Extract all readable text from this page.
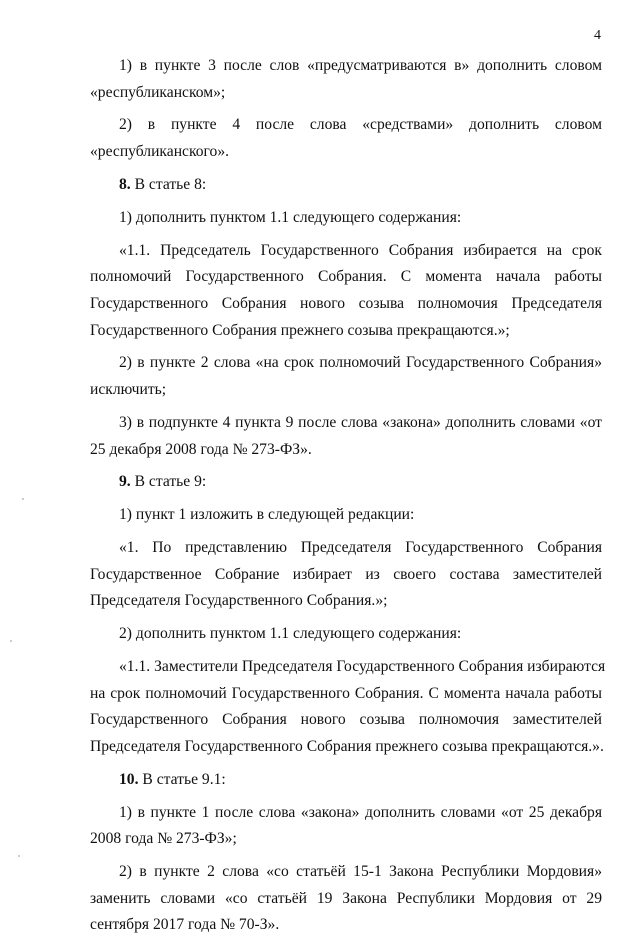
4
1) в пункте 3 после слов «предусматриваются в» дополнить словом
«республиканском»;
2) в пункте 4 после слова «средствами» дополнить словом
«республиканского».
8. В статье 8:
1) дополнить пунктом 1.1 следующего содержания:
«1.1. Председатель Государственного Собрания избирается на срок
полномочий Государственного Собрания. С момента начала работы
Государственного Собрания нового созыва полномочия Председателя
Государственного Собрания прежнего созыва прекращаются.»;
2) в пункте 2 слова «на срок полномочий Государственного Собрания»
исключить;
3) в подпункте 4 пункта 9 после слова «закона» дополнить словами «от
25 декабря 2008 года № 273-ФЗ».
9. В статье 9:
1) пункт 1 изложить в следующей редакции:
«1. По представлению Председателя Государственного Собрания
Государственное Собрание избирает из своего состава заместителей
Председателя Государственного Собрания.»;
2) дополнить пунктом 1.1 следующего содержания:
«1.1. Заместители Председателя Государственного Собрания избираются
на срок полномочий Государственного Собрания. С момента начала работы
Государственного Собрания нового созыва полномочия заместителей
Председателя Государственного Собрания прежнего созыва прекращаются.».
10. В статье 9.1:
1) в пункте 1 после слова «закона» дополнить словами «от 25 декабря
2008 года № 273-ФЗ»;
2) в пункте 2 слова «со статьёй 15-1 Закона Республики Мордовия»
заменить словами «со статьёй 19 Закона Республики Мордовия от 29
сентября 2017 года № 70-З».
